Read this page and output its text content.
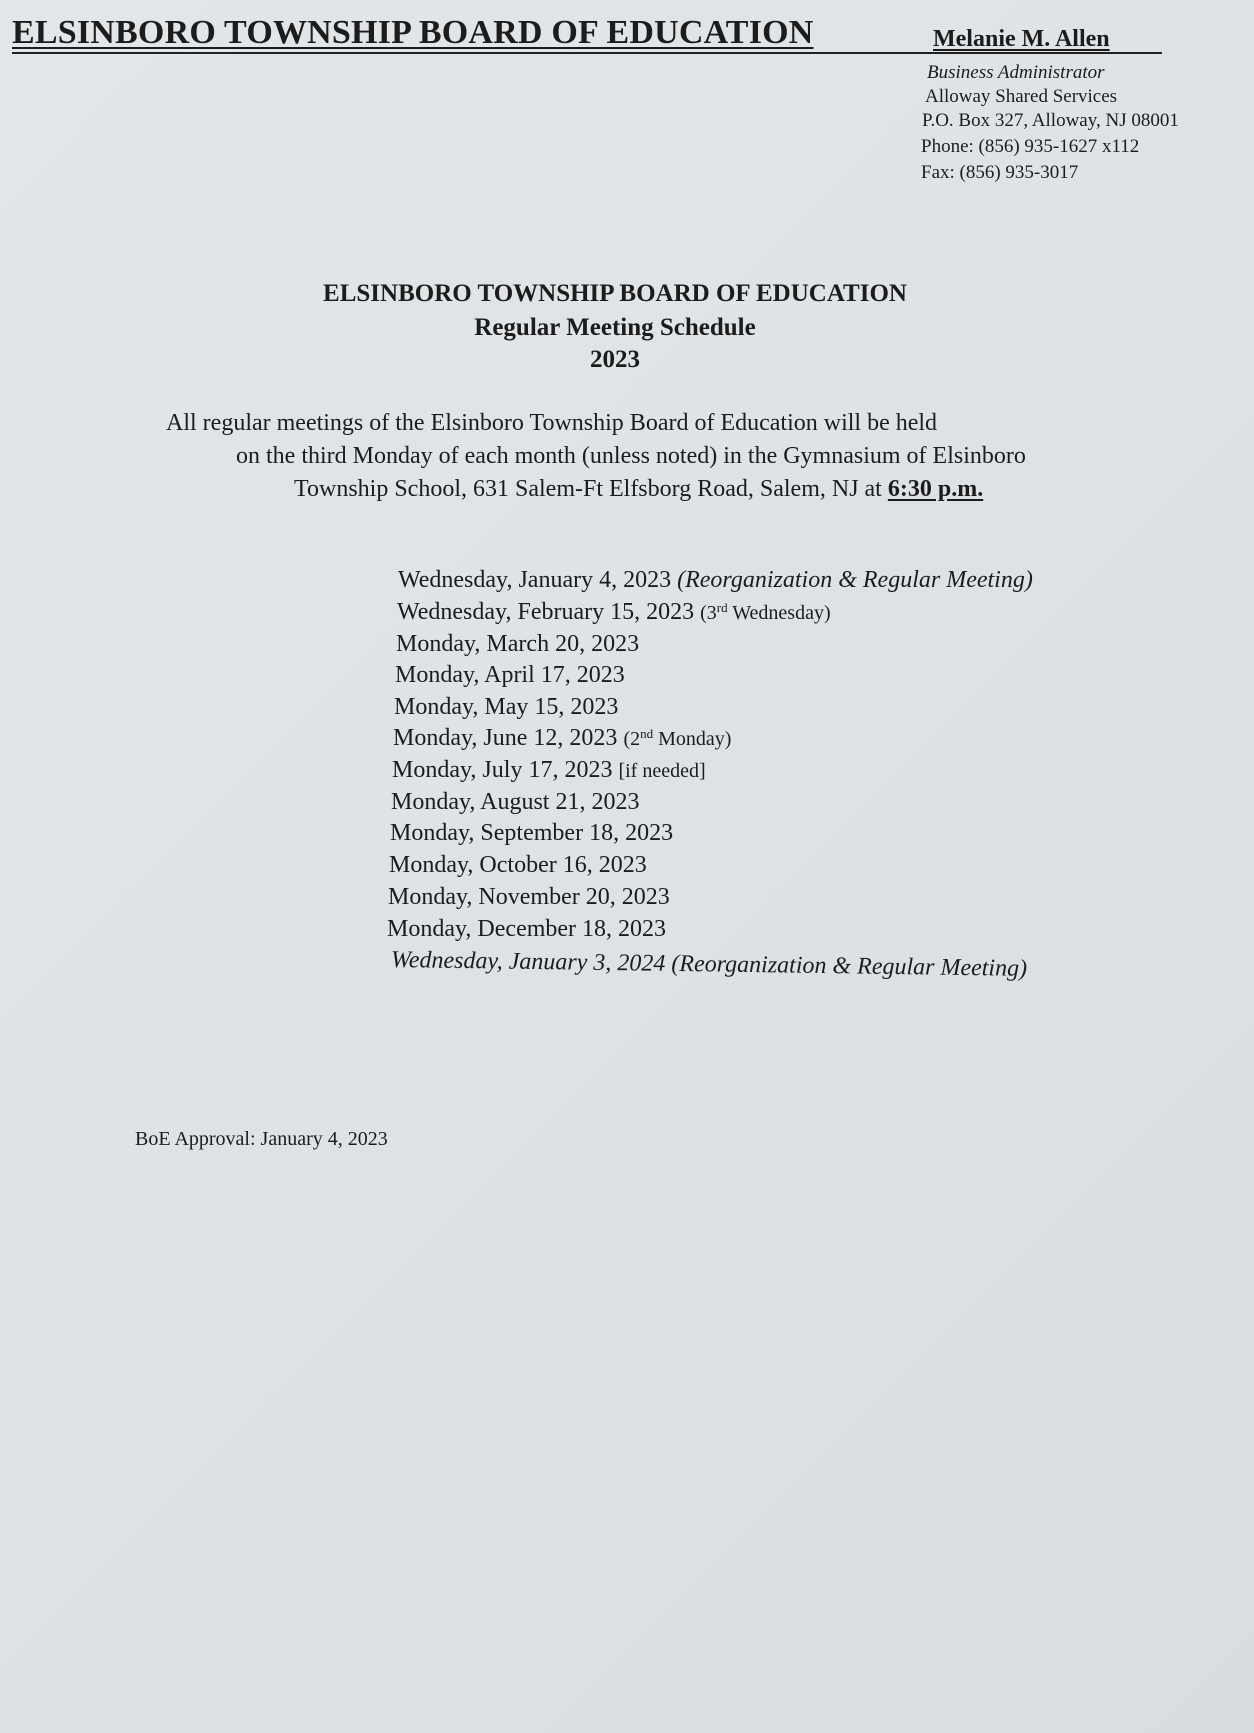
ELSINBORO TOWNSHIP BOARD OF EDUCATION	Melanie M. Allen
Business Administrator
Alloway Shared Services
P.O. Box 327, Alloway, NJ 08001
Phone: (856) 935-1627 x112
Fax: (856) 935-3017
ELSINBORO TOWNSHIP BOARD OF EDUCATION
Regular Meeting Schedule
2023
All regular meetings of the Elsinboro Township Board of Education will be held
on the third Monday of each month (unless noted) in the Gymnasium of Elsinboro
Township School, 631 Salem-Ft Elfsborg Road, Salem, NJ at 6:30 p.m.
Wednesday, January 4, 2023 (Reorganization & Regular Meeting)
Wednesday, February 15, 2023 (3rd Wednesday)
Monday, March 20, 2023
Monday, April 17, 2023
Monday, May 15, 2023
Monday, June 12, 2023 (2nd Monday)
Monday, July 17, 2023 [if needed]
Monday, August 21, 2023
Monday, September 18, 2023
Monday, October 16, 2023
Monday, November 20, 2023
Monday, December 18, 2023
Wednesday, January 3, 2024 (Reorganization & Regular Meeting)
BoE Approval: January 4, 2023
